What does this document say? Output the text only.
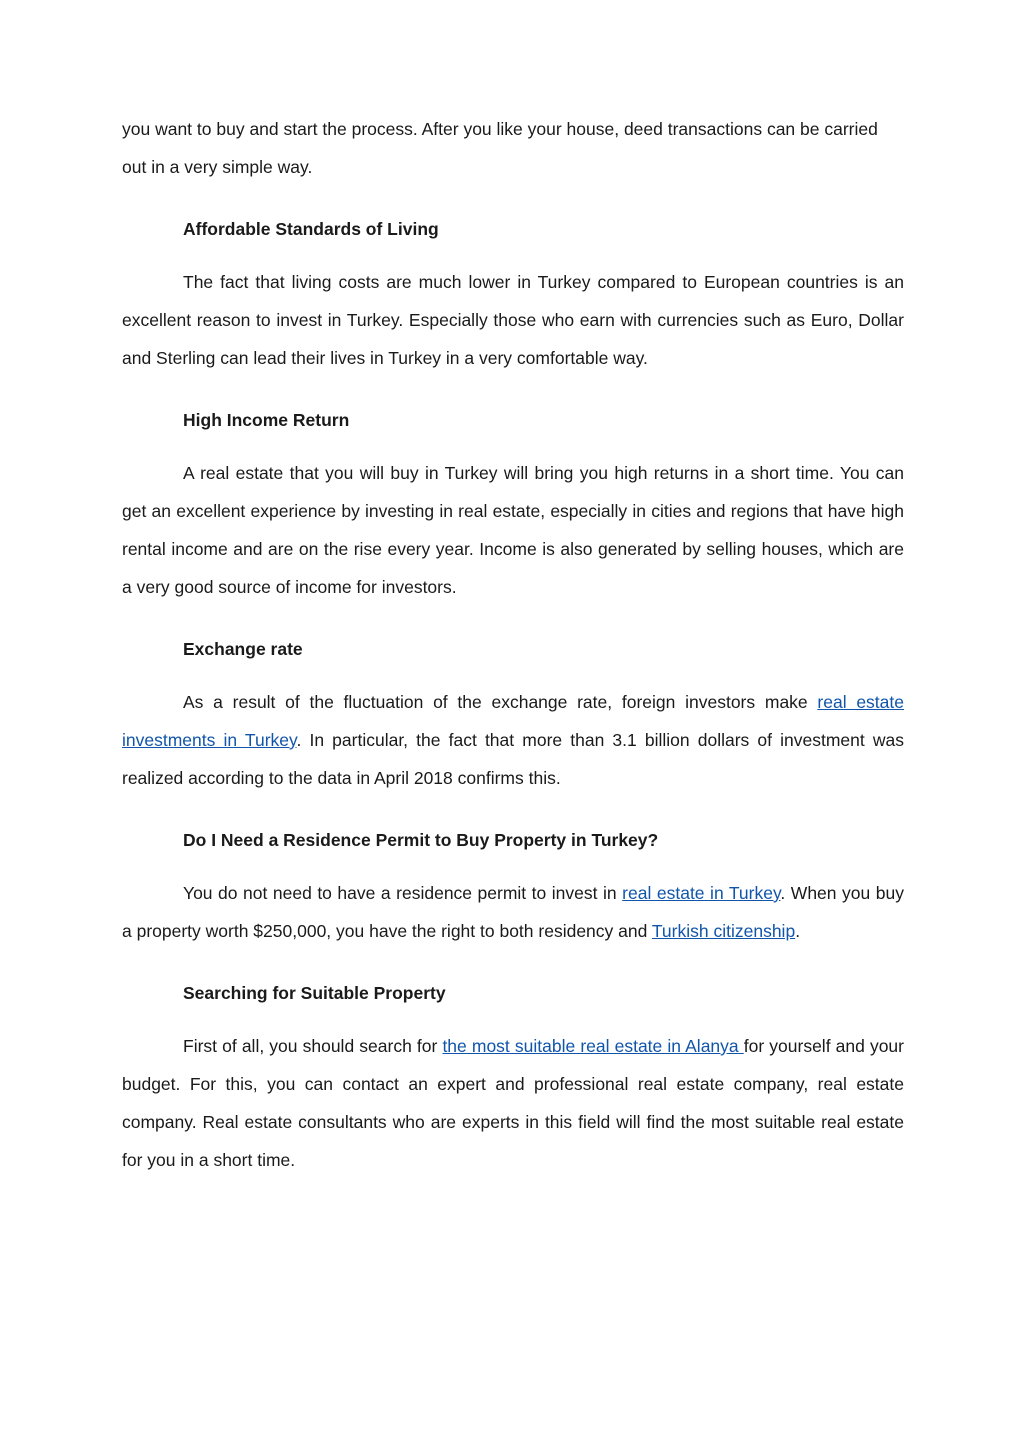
you want to buy and start the process. After you like your house, deed transactions can be carried out in a very simple way.

Affordable Standards of Living

The fact that living costs are much lower in Turkey compared to European countries is an excellent reason to invest in Turkey. Especially those who earn with currencies such as Euro, Dollar and Sterling can lead their lives in Turkey in a very comfortable way.

High Income Return

A real estate that you will buy in Turkey will bring you high returns in a short time. You can get an excellent experience by investing in real estate, especially in cities and regions that have high rental income and are on the rise every year. Income is also generated by selling houses, which are a very good source of income for investors.

Exchange rate

As a result of the fluctuation of the exchange rate, foreign investors make real estate investments in Turkey. In particular, the fact that more than 3.1 billion dollars of investment was realized according to the data in April 2018 confirms this.

Do I Need a Residence Permit to Buy Property in Turkey?

You do not need to have a residence permit to invest in real estate in Turkey. When you buy a property worth $250,000, you have the right to both residency and Turkish citizenship.

Searching for Suitable Property

First of all, you should search for the most suitable real estate in Alanya for yourself and your budget. For this, you can contact an expert and professional real estate company, real estate company. Real estate consultants who are experts in this field will find the most suitable real estate for you in a short time.
